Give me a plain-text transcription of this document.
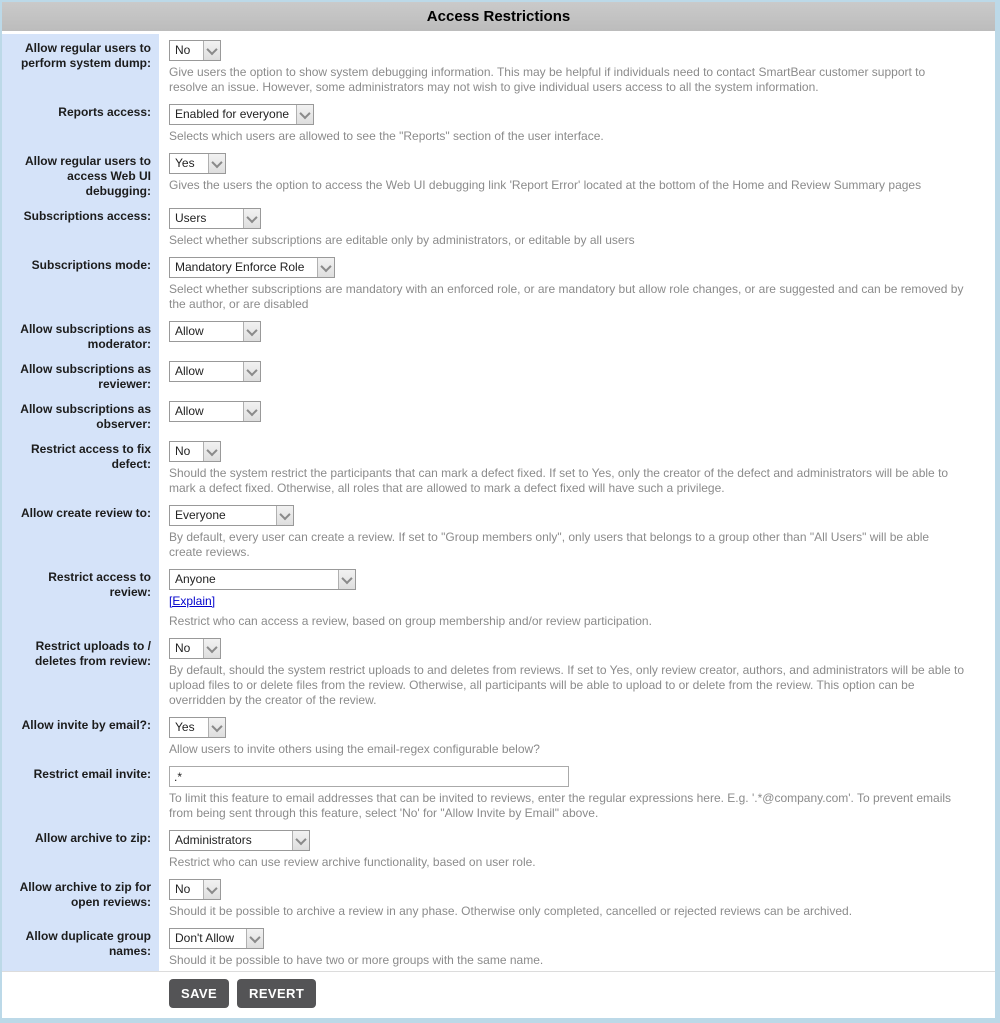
Access Restrictions
Allow regular users to perform system dump:
No
Give users the option to show system debugging information. This may be helpful if individuals need to contact SmartBear customer support to resolve an issue. However, some administrators may not wish to give individual users access to all the system information.
Reports access:	Enabled for everyone
Selects which users are allowed to see the "Reports" section of the user interface.
Allow regular users to access Web UI debugging:
Yes
Gives the users the option to access the Web UI debugging link 'Report Error' located at the bottom of the Home and Review Summary pages
Subscriptions access:	Users
Select whether subscriptions are editable only by administrators, or editable by all users
Subscriptions mode:	Mandatory Enforce Role
Select whether subscriptions are mandatory with an enforced role, or are mandatory but allow role changes, or are suggested and can be removed by the author, or are disabled
Allow subscriptions as moderator:
Allow
Allow subscriptions as reviewer:
Allow
Allow subscriptions as observer:
Allow
Restrict access to fix defect:
No
Should the system restrict the participants that can mark a defect fixed. If set to Yes, only the creator of the defect and administrators will be able to mark a defect fixed. Otherwise, all roles that are allowed to mark a defect fixed will have such a privilege.
Allow create review to:	Everyone
By default, every user can create a review. If set to "Group members only", only users that belongs to a group other than "All Users" will be able create reviews.
Restrict access to review:
Anyone
[Explain]
Restrict who can access a review, based on group membership and/or review participation.
Restrict uploads to / deletes from review:
No
By default, should the system restrict uploads to and deletes from reviews. If set to Yes, only review creator, authors, and administrators will be able to upload files to or delete files from the review. Otherwise, all participants will be able to upload to or delete from the review. This option can be overridden by the creator of the review.
Allow invite by email?:	Yes
Allow users to invite others using the email-regex configurable below?
Restrict email invite:
.*
To limit this feature to email addresses that can be invited to reviews, enter the regular expressions here. E.g. '.*@company.com'. To prevent emails from being sent through this feature, select 'No' for "Allow Invite by Email" above.
Allow archive to zip:	Administrators
Restrict who can use review archive functionality, based on user role.
Allow archive to zip for open reviews:
No
Should it be possible to archive a review in any phase. Otherwise only completed, cancelled or rejected reviews can be archived.
Allow duplicate group names:
Don't Allow
Should it be possible to have two or more groups with the same name.
SAVE	REVERT
